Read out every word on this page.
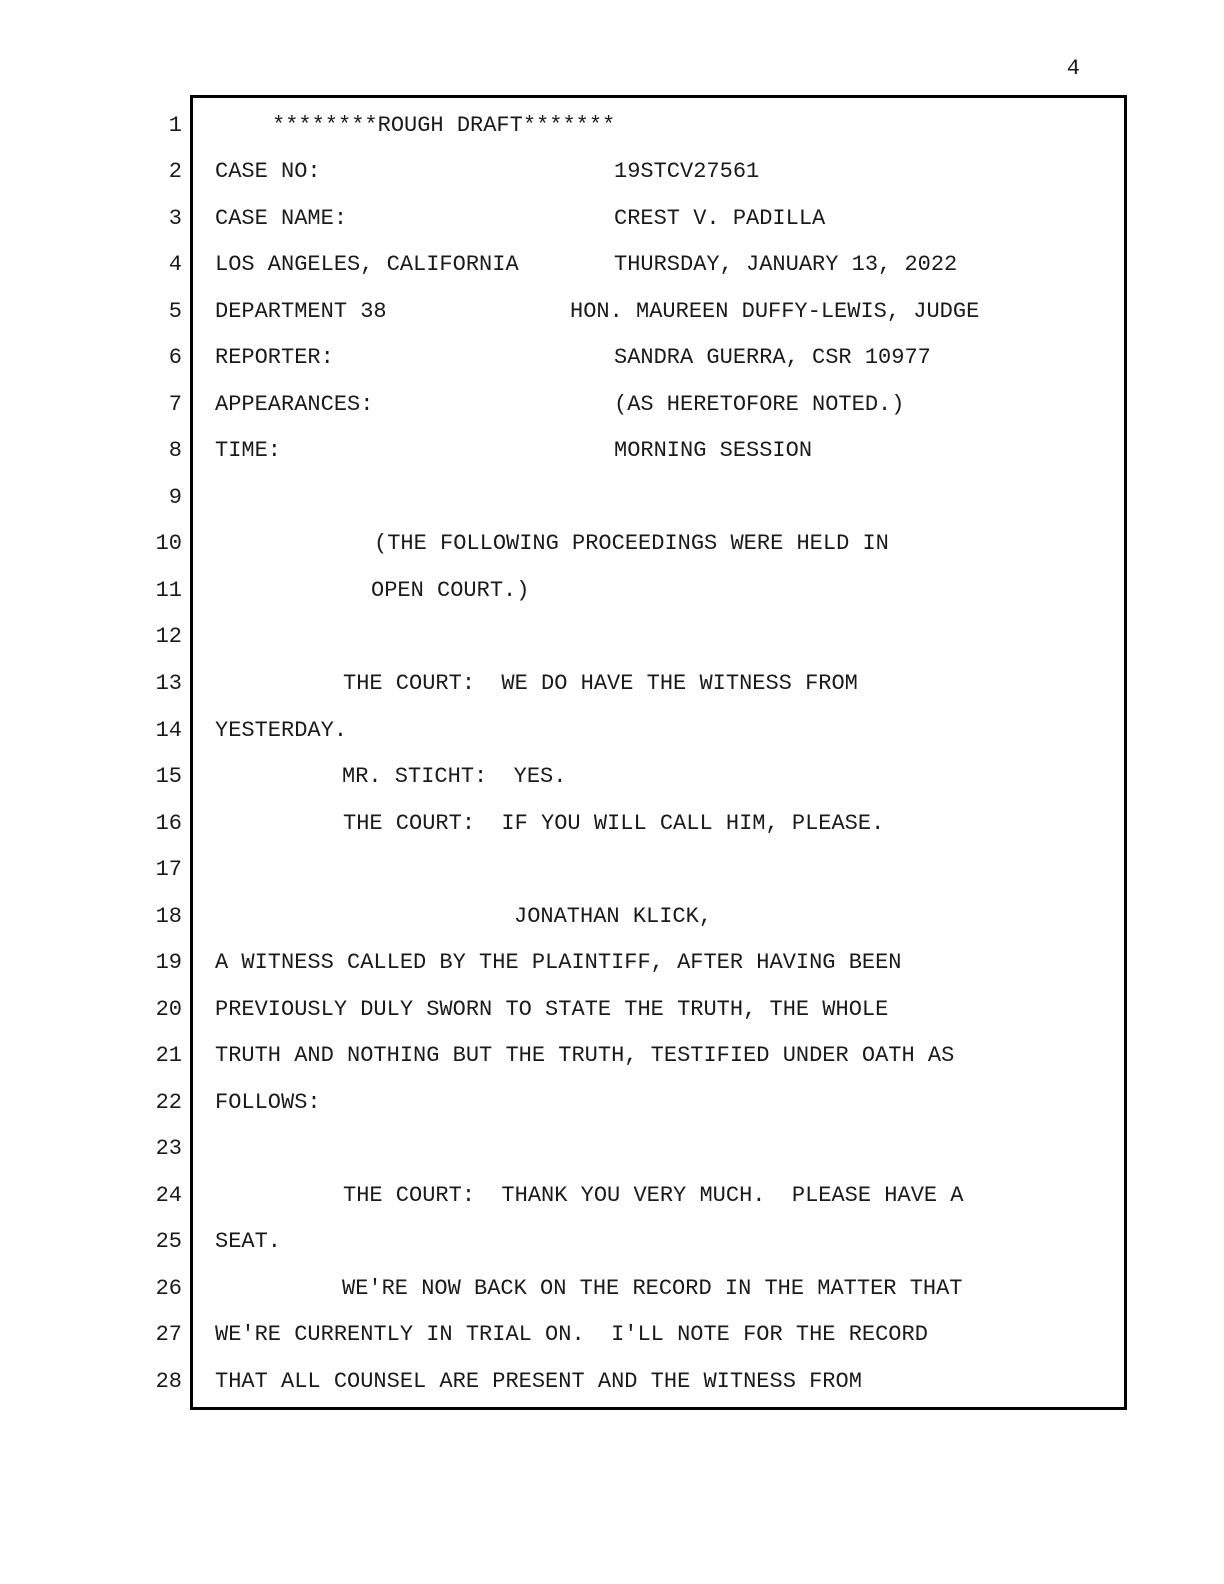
4
1
2
3
4
5
6
7
8
9
10
11
12
13
14
15
16
17
18
19
20
21
22
23
24
25
26
27
28
********ROUGH DRAFT*******
CASE NO:	19STCV27561
CASE NAME:	CREST V. PADILLA
LOS ANGELES, CALIFORNIA	THURSDAY, JANUARY 13, 2022
DEPARTMENT 38	HON. MAUREEN DUFFY-LEWIS, JUDGE
REPORTER:	SANDRA GUERRA, CSR 10977
APPEARANCES:	(AS HERETOFORE NOTED.)
TIME:	MORNING SESSION
(THE FOLLOWING PROCEEDINGS WERE HELD IN
OPEN COURT.)
THE COURT:  WE DO HAVE THE WITNESS FROM
YESTERDAY.
MR. STICHT:  YES.
THE COURT:  IF YOU WILL CALL HIM, PLEASE.
JONATHAN KLICK,
A WITNESS CALLED BY THE PLAINTIFF, AFTER HAVING BEEN
PREVIOUSLY DULY SWORN TO STATE THE TRUTH, THE WHOLE
TRUTH AND NOTHING BUT THE TRUTH, TESTIFIED UNDER OATH AS
FOLLOWS:
THE COURT:  THANK YOU VERY MUCH.  PLEASE HAVE A
SEAT.
WE'RE NOW BACK ON THE RECORD IN THE MATTER THAT
WE'RE CURRENTLY IN TRIAL ON.  I'LL NOTE FOR THE RECORD
THAT ALL COUNSEL ARE PRESENT AND THE WITNESS FROM
